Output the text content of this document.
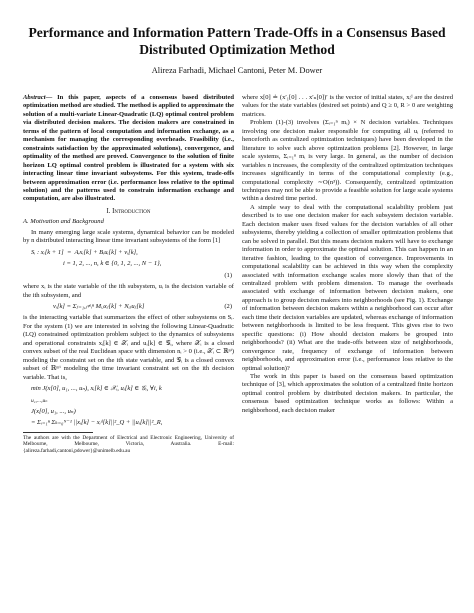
Performance and Information Pattern Trade-Offs in a Consensus Based Distributed Optimization Method
Alireza Farhadi, Michael Cantoni, Peter M. Dower

Abstract— In this paper, aspects of a consensus based distributed optimization method are studied. The method is applied to approximate the solution of a multi-variate Linear-Quadratic (LQ) optimal control problem via distributed decision makers. The decision makers are constrained in terms of the pattern of local computation and information exchange, as a mechanism for managing the corresponding overheads. Feasibility (i.e., constraints satisfaction by the approximated solutions), convergence, and optimality of the method are proved. Convergence to the solution of finite horizon LQ optimal control problem is illustrated for a system with six interacting linear time invariant subsystems. For this system, trade-offs between approximation error (i.e. performance loss relative to the optimal solution) and the patterns used to constrain information exchange and computation, are also illustrated.

I. Introduction
A. Motivation and Background

In many emerging large scale systems, dynamical behavior can be modeled by n distributed interacting linear time invariant subsystems of the form [1]

Sᵢ : xᵢ[k + 1]  =  Aᵢxᵢ[k] + Bᵢuᵢ[k] + vᵢ[k],
i = 1, 2, ..., n, k ∈ {0, 1, 2, ..., N − 1},
(1)

where xᵢ is the state variable of the ith subsystem, uᵢ is the decision variable of the ith subsystem, and

vᵢ[k] = Σⱼ₌₁,ⱼ≠ᵢⁿ Mᵢⱼxⱼ[k] + Nᵢⱼuⱼ[k]	(2)

is the interacting variable that summarizes the effect of other subsystems on Sᵢ. For the system (1) we are interested in solving the following Linear-Quadratic (LQ) constrained optimization problem subject to the dynamics of subsystems and operational constraints xᵢ[k] ∈ 𝒳ᵢ and uᵢ[k] ∈ 𝒢ᵢ, where 𝒳ᵢ is a closed convex subset of the real Euclidean space with dimension nᵢ > 0 (i.e., 𝒳ᵢ ⊂ ℝⁿⁱ) modeling the constraint set on the ith state variable, and 𝒢ᵢ is a closed convex subset of ℝᵐⁱ modeling the time invariant constraint set on the ith decision variable. That is,

min J(x[0], u₁, ..., uₙ), xᵢ[k] ∈ 𝒳ᵢ, uᵢ[k] ∈ 𝒢ᵢ, ∀i, k
u₁,...,uₙ
J(x[0], u₁, ..., uₙ)
= Σᵢ₌₁ⁿ Σₖ₌₀ᴺ⁻¹ ||xᵢ[k] − xᵢᵈ[k]||²_Q + ||uᵢ[k]||²_R,

The authors are with the Department of Electrical and Electronic Engineering, University of Melbourne, Melbourne, Victoria, Australia. E-mail: {alireza.farhadi,cantoni,pdower}@unimelb.edu.au

where x[0] ≐ (x′₁[0] . . . x′ₙ[0])′ is the vector of initial states, xᵢᵈ are the desired values for the state variables (desired set points) and Q ≥ 0, R > 0 are weighting matrices.

Problem (1)-(3) involves (Σᵢ₌₁ⁿ mᵢ) × N decision variables. Techniques involving one decision maker responsible for computing all uᵢ (referred to henceforth as centralized optimization techniques) have been developed in the literature to solve such above optimization problems [2]. However, in large scale systems, Σᵢ₌₁ⁿ mᵢ is very large. In general, as the number of decision variables n increases, the complexity of the centralized optimization techniques increases significantly in terms of the computational complexity (e.g., computational complexity ∼O(n³)). Consequently, centralized optimization techniques may not be able to provide a feasible solution for large scale systems within a desired time period.

A simple way to deal with the computational scalability problem just described is to use one decision maker for each subsystem decision variable. Each decision maker uses fixed values for the decision variables of all other subsystems, thereby yielding a collection of smaller optimization problems that can be solved in parallel. But this means decision makers will have to exchange information in order to approximate the optimal solution. This can happen in an iterative fashion, leading to the question of convergence. Improvements in computational scalability can be achieved in this way when the complexity associated with information exchange scales more slowly than that of the centralized problem with problem dimension. To manage the overheads associated with exchange of information between decision makers, one approach is to group decision makers into neighborhoods (see Fig. 1). Exchange of information between decision makers within a neighborhood can occur after each time their decision variables are updated, whereas exchange of information between neighborhoods is limited to be less frequent. This gives rise to two specific questions: (i) How should decision makers be grouped into neighborhoods? (ii) What are the trade-offs between size of neighborhoods, convergence rate, frequency of exchange of information between neighborhoods, and approximation error (i.e., performance loss relative to the optimal solution)?

The work in this paper is based on the consensus based optimization technique of [3], which approximates the solution of a centralized finite horizon optimal control problem by distributed decision makers. In particular, the consensus based optimization technique works as follows: Within a neighborhood, each decision maker
